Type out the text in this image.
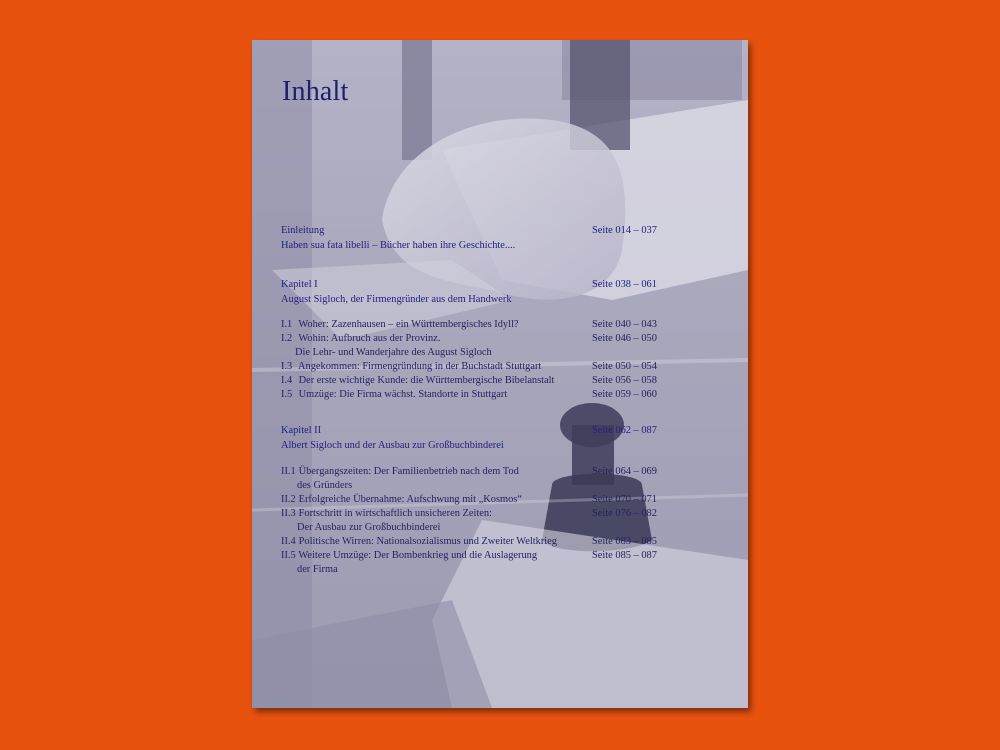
Inhalt
Einleitung	Seite 014 – 037
Haben sua fata libelli – Bücher haben ihre Geschichte....
Kapitel I	Seite 038 – 061
August Sigloch, der Firmengründer aus dem Handwerk
I.1 Woher: Zazenhausen – ein Württembergisches Idyll?	Seite 040 – 043
I.2 Wohin: Aufbruch aus der Provinz.	Seite 046 – 050
Die Lehr- und Wanderjahre des August Sigloch
I.3 Angekommen: Firmengründung in der Buchstadt Stuttgart	Seite 050 – 054
I.4 Der erste wichtige Kunde: die Württembergische Bibelanstalt	Seite 056 – 058
I.5 Umzüge: Die Firma wächst. Standorte in Stuttgart	Seite 059 – 060
Kapitel II	Seite 062 – 087
Albert Sigloch und der Ausbau zur Großbuchbinderei
II.1 Übergangszeiten: Der Familienbetrieb nach dem Tod	Seite 064 – 069
des Gründers
II.2 Erfolgreiche Übernahme: Aufschwung mit „Kosmos“	Seite 070 – 071
II.3 Fortschritt in wirtschaftlich unsicheren Zeiten:	Seite 076 – 082
Der Ausbau zur Großbuchbinderei
II.4 Politische Wirren: Nationalsozialismus und Zweiter Weltkrieg	Seite 083 – 085
II.5 Weitere Umzüge: Der Bombenkrieg und die Auslagerung	Seite 085 – 087
der Firma
